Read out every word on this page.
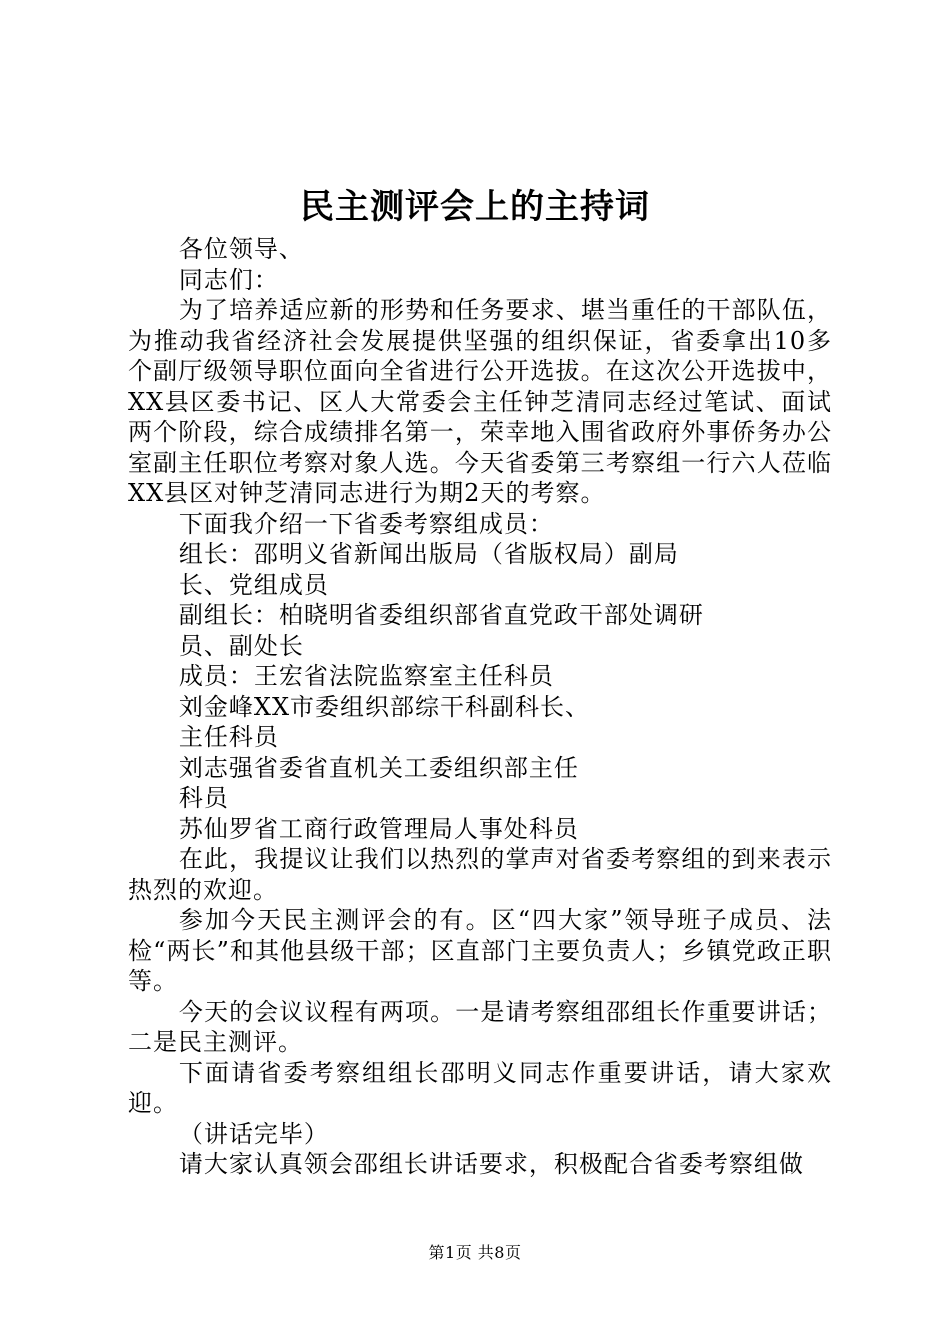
民主测评会上的主持词

各位领导、

同志们：

为了培养适应新的形势和任务要求、堪当重任的干部队伍，为推动我省经济社会发展提供坚强的组织保证，省委拿出10多个副厅级领导职位面向全省进行公开选拔。在这次公开选拔中，XX县区委书记、区人大常委会主任钟芝清同志经过笔试、面试两个阶段，综合成绩排名第一，荣幸地入围省政府外事侨务办公室副主任职位考察对象人选。今天省委第三考察组一行六人莅临XX县区对钟芝清同志进行为期2天的考察。

下面我介绍一下省委考察组成员：

组长：邵明义省新闻出版局（省版权局）副局

长、党组成员

副组长：柏晓明省委组织部省直党政干部处调研

员、副处长

成员：王宏省法院监察室主任科员

刘金峰XX市委组织部综干科副科长、

主任科员

刘志强省委省直机关工委组织部主任

科员

苏仙罗省工商行政管理局人事处科员

在此，我提议让我们以热烈的掌声对省委考察组的到来表示热烈的欢迎。

参加今天民主测评会的有。区“四大家”领导班子成员、法检“两长”和其他县级干部；区直部门主要负责人；乡镇党政正职等。

今天的会议议程有两项。一是请考察组邵组长作重要讲话；二是民主测评。

下面请省委考察组组长邵明义同志作重要讲话，请大家欢迎。

（讲话完毕）

请大家认真领会邵组长讲话要求，积极配合省委考察组做

第1页 共8页
